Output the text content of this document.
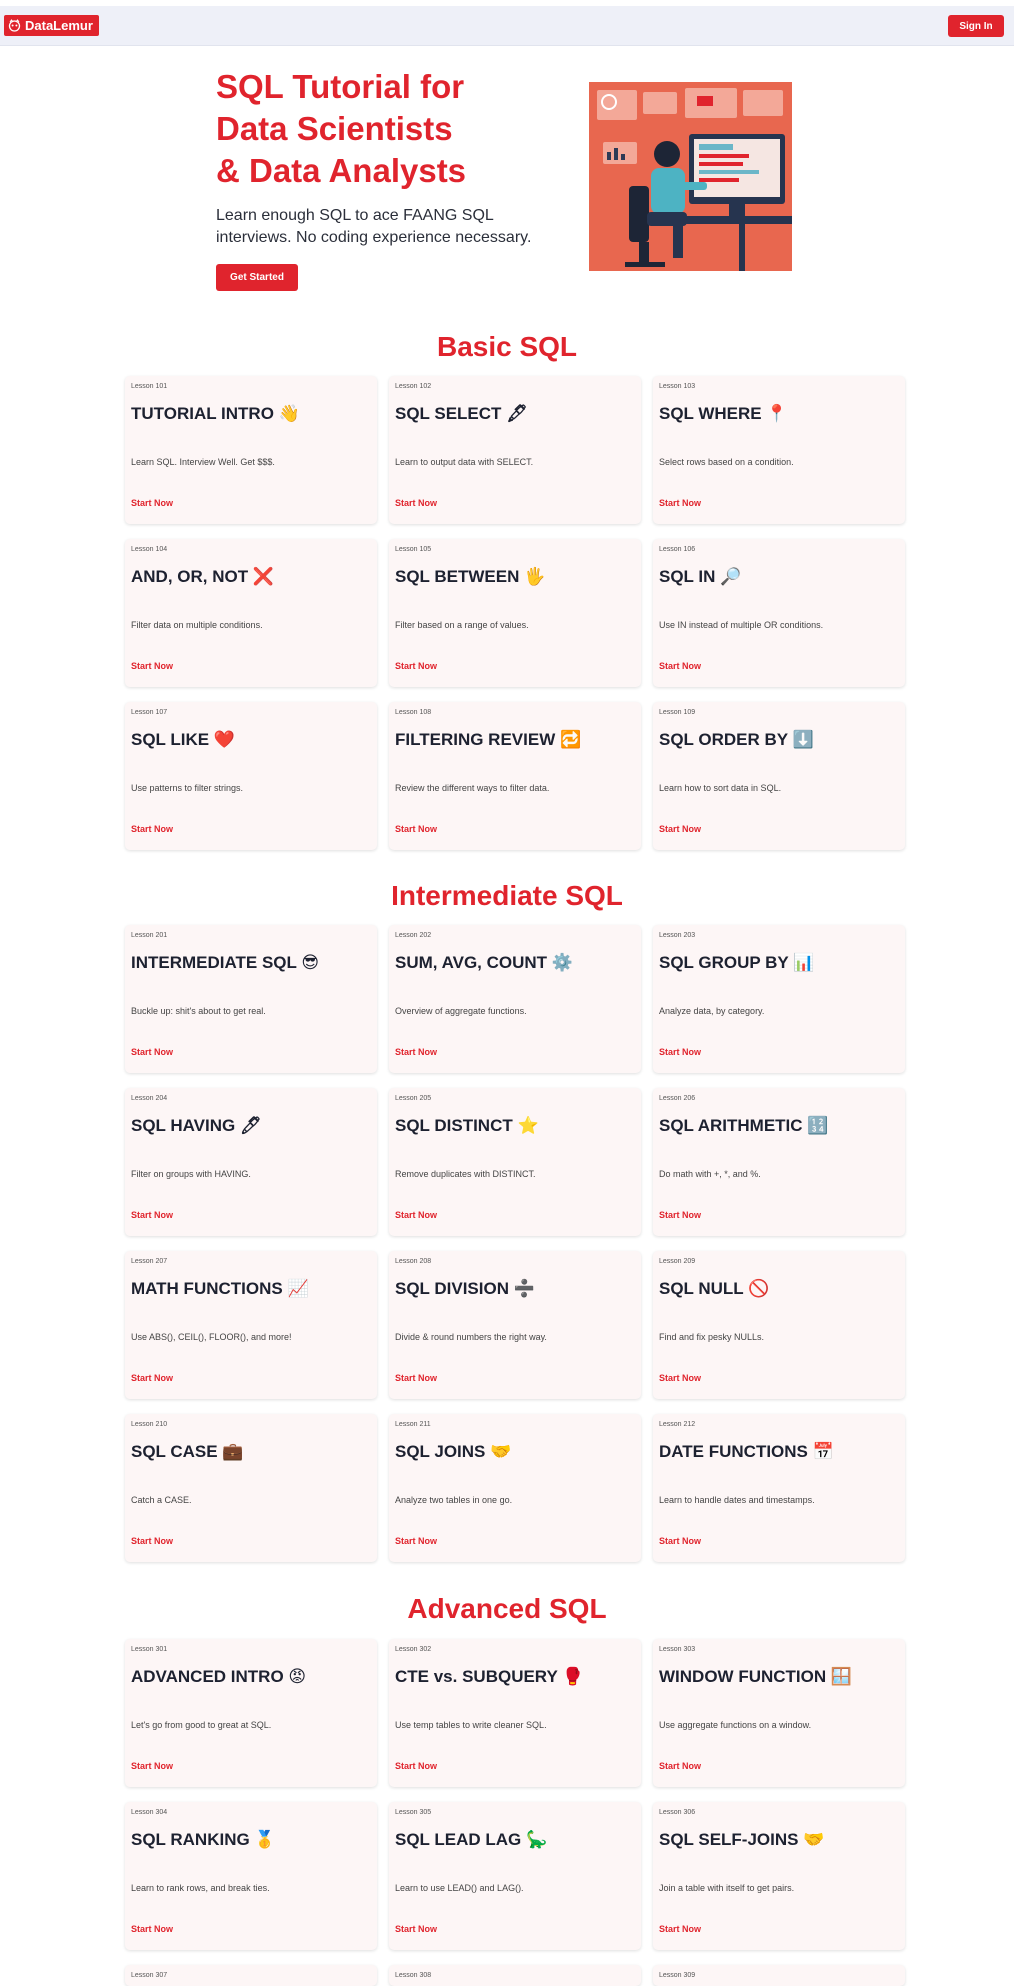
DataLemur	Sign In
SQL Tutorial for
Data Scientists
& Data Analysts
Learn enough SQL to ace FAANG SQL
interviews. No coding experience necessary.
Get Started
Basic SQL
Lesson 101
TUTORIAL INTRO 👋
Learn SQL. Interview Well. Get $$$.
Start Now
Lesson 102
SQL SELECT 🖋
Learn to output data with SELECT.
Start Now
Lesson 103
SQL WHERE 📍
Select rows based on a condition.
Start Now
Lesson 104
AND, OR, NOT ❌
Filter data on multiple conditions.
Start Now
Lesson 105
SQL BETWEEN 🖐
Filter based on a range of values.
Start Now
Lesson 106
SQL IN 🔎
Use IN instead of multiple OR conditions.
Start Now
Lesson 107
SQL LIKE ❤️
Use patterns to filter strings.
Start Now
Lesson 108
FILTERING REVIEW 🔁
Review the different ways to filter data.
Start Now
Lesson 109
SQL ORDER BY ⬇️
Learn how to sort data in SQL.
Start Now
Intermediate SQL
Lesson 201
INTERMEDIATE SQL 😎
Buckle up: shit's about to get real.
Start Now
Lesson 202
SUM, AVG, COUNT ⚙️
Overview of aggregate functions.
Start Now
Lesson 203
SQL GROUP BY 📊
Analyze data, by category.
Start Now
Lesson 204
SQL HAVING 🖊
Filter on groups with HAVING.
Start Now
Lesson 205
SQL DISTINCT ⭐
Remove duplicates with DISTINCT.
Start Now
Lesson 206
SQL ARITHMETIC 🔢
Do math with +, *, and %.
Start Now
Lesson 207
MATH FUNCTIONS 📈
Use ABS(), CEIL(), FLOOR(), and more!
Start Now
Lesson 208
SQL DIVISION ➗
Divide & round numbers the right way.
Start Now
Lesson 209
SQL NULL 🚫
Find and fix pesky NULLs.
Start Now
Lesson 210
SQL CASE 💼
Catch a CASE.
Start Now
Lesson 211
SQL JOINS 🤝
Analyze two tables in one go.
Start Now
Lesson 212
DATE FUNCTIONS 📅
Learn to handle dates and timestamps.
Start Now
Advanced SQL
Lesson 301
ADVANCED INTRO 😡
Let's go from good to great at SQL.
Start Now
Lesson 302
CTE vs. SUBQUERY 🥊
Use temp tables to write cleaner SQL.
Start Now
Lesson 303
WINDOW FUNCTION 🪟
Use aggregate functions on a window.
Start Now
Lesson 304
SQL RANKING 🥇
Learn to rank rows, and break ties.
Start Now
Lesson 305
SQL LEAD LAG 🦕
Learn to use LEAD() and LAG().
Start Now
Lesson 306
SQL SELF-JOINS 🤝
Join a table with itself to get pairs.
Start Now
Lesson 307	Lesson 308	Lesson 309
